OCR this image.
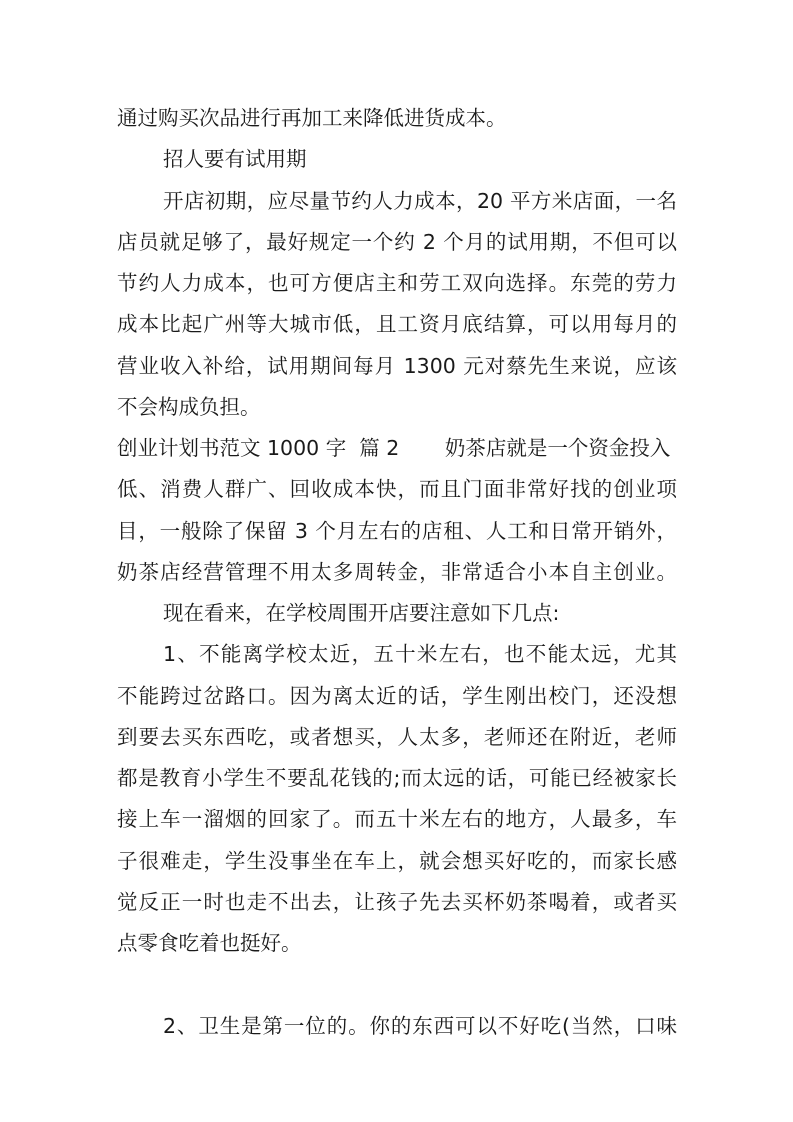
通过购买次品进行再加工来降低进货成本。
招人要有试用期
开店初期，应尽量节约人力成本，20 平方米店面，一名
店员就足够了，最好规定一个约 2 个月的试用期，不但可以
节约人力成本，也可方便店主和劳工双向选择。东莞的劳力
成本比起广州等大城市低，且工资月底结算，可以用每月的
营业收入补给，试用期间每月 1300 元对蔡先生来说，应该
不会构成负担。
创业计划书范文 1000 字  篇 2       奶茶店就是一个资金投入
低、消费人群广、回收成本快，而且门面非常好找的创业项
目，一般除了保留 3 个月左右的店租、人工和日常开销外，
奶茶店经营管理不用太多周转金，非常适合小本自主创业。
现在看来，在学校周围开店要注意如下几点:
1、不能离学校太近，五十米左右，也不能太远，尤其
不能跨过岔路口。因为离太近的话，学生刚出校门，还没想
到要去买东西吃，或者想买，人太多，老师还在附近，老师
都是教育小学生不要乱花钱的;而太远的话，可能已经被家长
接上车一溜烟的回家了。而五十米左右的地方，人最多，车
子很难走，学生没事坐在车上，就会想买好吃的，而家长感
觉反正一时也走不出去，让孩子先去买杯奶茶喝着，或者买
点零食吃着也挺好。
2、卫生是第一位的。你的东西可以不好吃(当然，口味
